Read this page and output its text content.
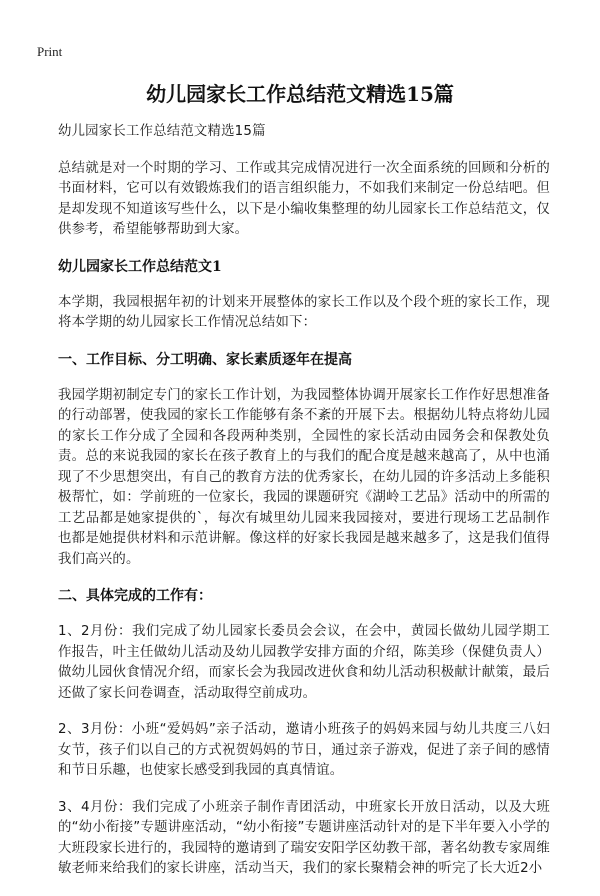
Print
幼儿园家长工作总结范文精选15篇

幼儿园家长工作总结范文精选15篇

总结就是对一个时期的学习、工作或其完成情况进行一次全面系统的回顾和分析的书面材料，它可以有效锻炼我们的语言组织能力，不如我们来制定一份总结吧。但是却发现不知道该写些什么，以下是小编收集整理的幼儿园家长工作总结范文，仅供参考，希望能够帮助到大家。

幼儿园家长工作总结范文1

本学期，我园根据年初的计划来开展整体的家长工作以及个段个班的家长工作，现将本学期的幼儿园家长工作情况总结如下：

一、工作目标、分工明确、家长素质逐年在提高

我园学期初制定专门的家长工作计划，为我园整体协调开展家长工作作好思想准备的行动部署，使我园的家长工作能够有条不紊的开展下去。根据幼儿特点将幼儿园的家长工作分成了全园和各段两种类别，全园性的家长活动由园务会和保教处负责。总的来说我园的家长在孩子教育上的与我们的配合度是越来越高了，从中也涌现了不少思想突出，有自己的教育方法的优秀家长，在幼儿园的许多活动上多能积极帮忙，如：学前班的一位家长，我园的课题研究《湖岭工艺品》活动中的所需的工艺品都是她家提供的`，每次有城里幼儿园来我园接对，要进行现场工艺品制作也都是她提供材料和示范讲解。像这样的好家长我园是越来越多了，这是我们值得我们高兴的。

二、具体完成的工作有：

1、2月份：我们完成了幼儿园家长委员会会议，在会中，黄园长做幼儿园学期工作报告，叶主任做幼儿活动及幼儿园教学安排方面的介绍，陈美珍（保健负责人）做幼儿园伙食情况介绍，而家长会为我园改进伙食和幼儿活动积极献计献策，最后还做了家长问卷调查，活动取得空前成功。

2、3月份：小班“爱妈妈”亲子活动，邀请小班孩子的妈妈来园与幼儿共度三八妇女节，孩子们以自己的方式祝贺妈妈的节日，通过亲子游戏，促进了亲子间的感情和节日乐趣，也使家长感受到我园的真真情谊。

3、4月份：我们完成了小班亲子制作青团活动，中班家长开放日活动，以及大班的“幼小衔接”专题讲座活动，“幼小衔接”专题讲座活动针对的是下半年要入小学的大班段家长进行的，我园特的邀请到了瑞安安阳学区幼教干部，著名幼教专家周维敏老师来给我们的家长讲座，活动当天，我们的家长聚精会神的听完了长大近2小
